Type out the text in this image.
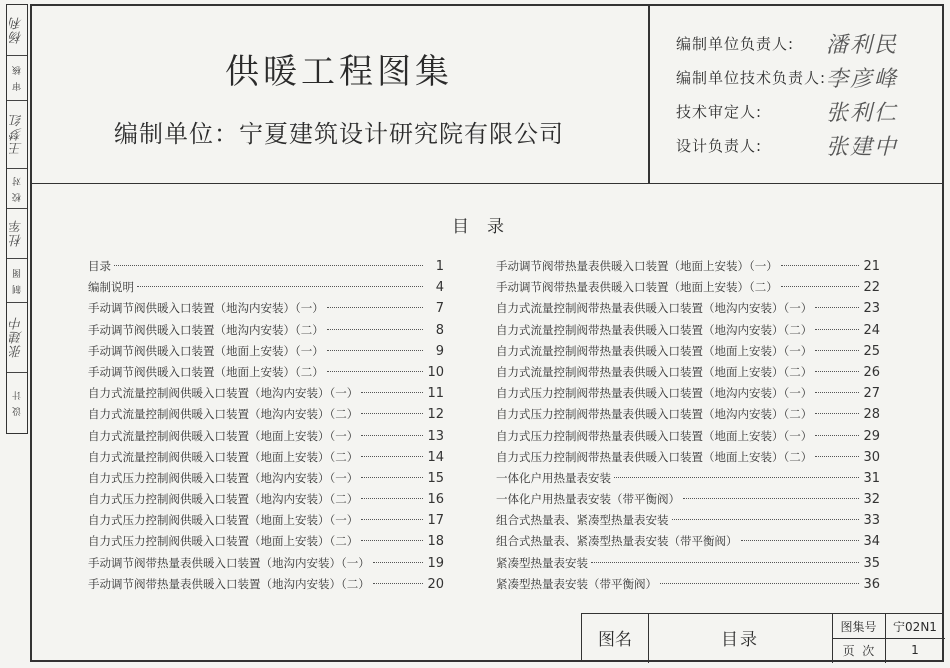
杨利
审 核
王梦红
校 对
杜军
制 图
张建中
设 计
供暖工程图集
编制单位：宁夏建筑设计研究院有限公司
编制单位负责人:	潘利民
编制单位技术负责人: 李彦峰
技术审定人:	张利仁
设计负责人:	张建中
目录
目录	1
编制说明	4
手动调节阀供暖入口装置（地沟内安装）（一）	7
手动调节阀供暖入口装置（地沟内安装）（二）	8
手动调节阀供暖入口装置（地面上安装）（一）	9
手动调节阀供暖入口装置（地面上安装）（二）	10
自力式流量控制阀供暖入口装置（地沟内安装）（一）	11
自力式流量控制阀供暖入口装置（地沟内安装）（二）	12
自力式流量控制阀供暖入口装置（地面上安装）（一）	13
自力式流量控制阀供暖入口装置（地面上安装）（二）	14
自力式压力控制阀供暖入口装置（地沟内安装）（一）	15
自力式压力控制阀供暖入口装置（地沟内安装）（二）	16
自力式压力控制阀供暖入口装置（地面上安装）（一）	17
自力式压力控制阀供暖入口装置（地面上安装）（二）	18
手动调节阀带热量表供暖入口装置（地沟内安装）（一）	19
手动调节阀带热量表供暖入口装置（地沟内安装）（二）	20
手动调节阀带热量表供暖入口装置（地面上安装）（一）	21
手动调节阀带热量表供暖入口装置（地面上安装）（二）	22
自力式流量控制阀带热量表供暖入口装置（地沟内安装）（一）	23
自力式流量控制阀带热量表供暖入口装置（地沟内安装）（二）	24
自力式流量控制阀带热量表供暖入口装置（地面上安装）（一）	25
自力式流量控制阀带热量表供暖入口装置（地面上安装）（二）	26
自力式压力控制阀带热量表供暖入口装置（地沟内安装）（一）	27
自力式压力控制阀带热量表供暖入口装置（地沟内安装）（二）	28
自力式压力控制阀带热量表供暖入口装置（地面上安装）（一）	29
自力式压力控制阀带热量表供暖入口装置（地面上安装）（二）	30
一体化户用热量表安装	31
一体化户用热量表安装（带平衡阀）	32
组合式热量表、紧凑型热量表安装	33
组合式热量表、紧凑型热量表安装（带平衡阀）	34
紧凑型热量表安装	35
紧凑型热量表安装（带平衡阀）	36
图名	目录
图集号	宁02N1
页  次	1
